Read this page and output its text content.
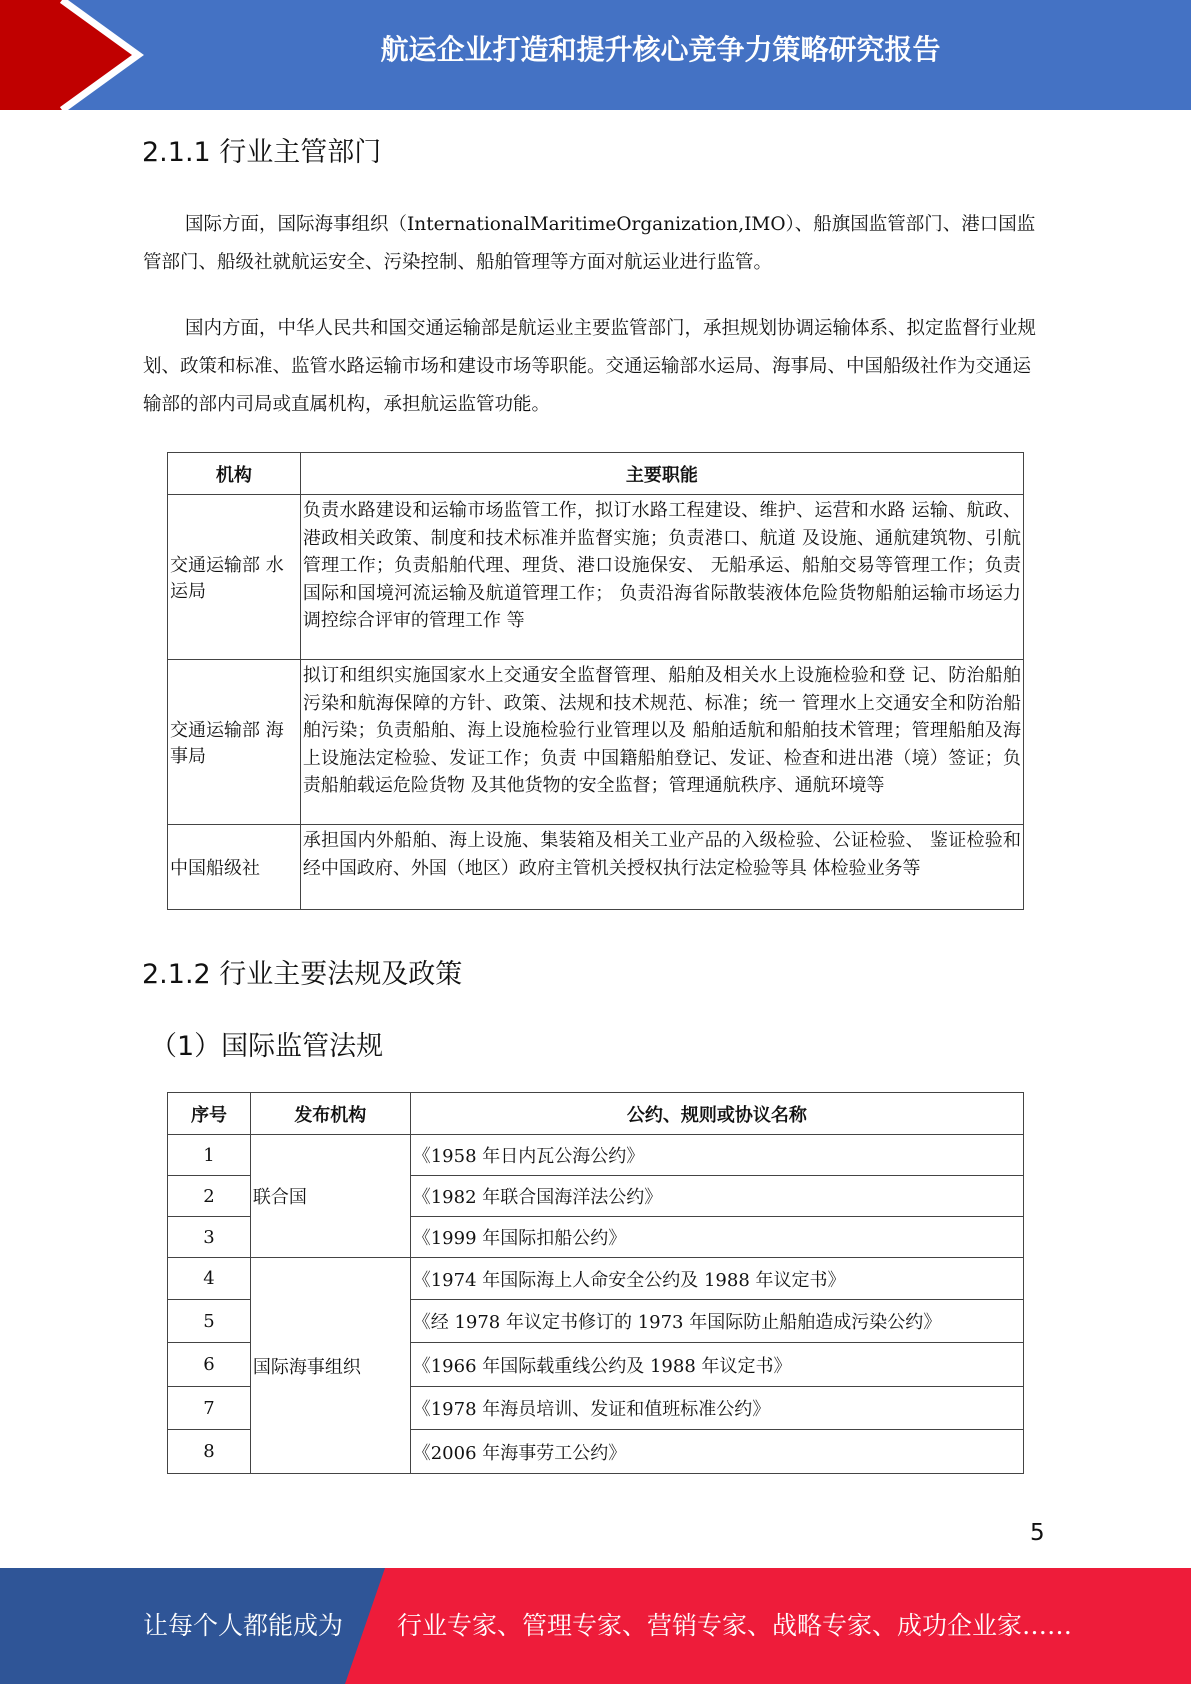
航运企业打造和提升核心竞争力策略研究报告
2.1.1 行业主管部门

国际方面，国际海事组织（InternationalMaritimeOrganization,IMO）、船旗国监管部门、港口国监管部门、船级社就航运安全、污染控制、船舶管理等方面对航运业进行监管。

国内方面，中华人民共和国交通运输部是航运业主要监管部门，承担规划协调运输体系、拟定监督行业规划、政策和标准、监管水路运输市场和建设市场等职能。交通运输部水运局、海事局、中国船级社作为交通运输部的部内司局或直属机构，承担航运监管功能。

机构	主要职能
交通运输部 水运局	负责水路建设和运输市场监管工作，拟订水路工程建设、维护、运营和水路 运输、航政、港政相关政策、制度和技术标准并监督实施；负责港口、航道 及设施、通航建筑物、引航管理工作；负责船舶代理、理货、港口设施保安、 无船承运、船舶交易等管理工作；负责国际和国境河流运输及航道管理工作； 负责沿海省际散装液体危险货物船舶运输市场运力调控综合评审的管理工作 等
交通运输部 海事局	拟订和组织实施国家水上交通安全监督管理、船舶及相关水上设施检验和登 记、防治船舶污染和航海保障的方针、政策、法规和技术规范、标准；统一 管理水上交通安全和防治船舶污染；负责船舶、海上设施检验行业管理以及 船舶适航和船舶技术管理；管理船舶及海上设施法定检验、发证工作；负责 中国籍船舶登记、发证、检查和进出港（境）签证；负责船舶载运危险货物 及其他货物的安全监督；管理通航秩序、通航环境等
中国船级社	承担国内外船舶、海上设施、集装箱及相关工业产品的入级检验、公证检验、 鉴证检验和经中国政府、外国（地区）政府主管机关授权执行法定检验等具 体检验业务等
2.1.2 行业主要法规及政策
（1）国际监管法规
序号	发布机构	公约、规则或协议名称
1	联合国	《1958 年日内瓦公海公约》
2		《1982 年联合国海洋法公约》
3		《1999 年国际扣船公约》
4	国际海事组织	《1974 年国际海上人命安全公约及 1988 年议定书》
5		《经 1978 年议定书修订的 1973 年国际防止船舶造成污染公约》
6		《1966 年国际载重线公约及 1988 年议定书》
7		《1978 年海员培训、发证和值班标准公约》
8		《2006 年海事劳工公约》
5
让每个人都能成为 行业专家、管理专家、营销专家、战略专家、成功企业家……
